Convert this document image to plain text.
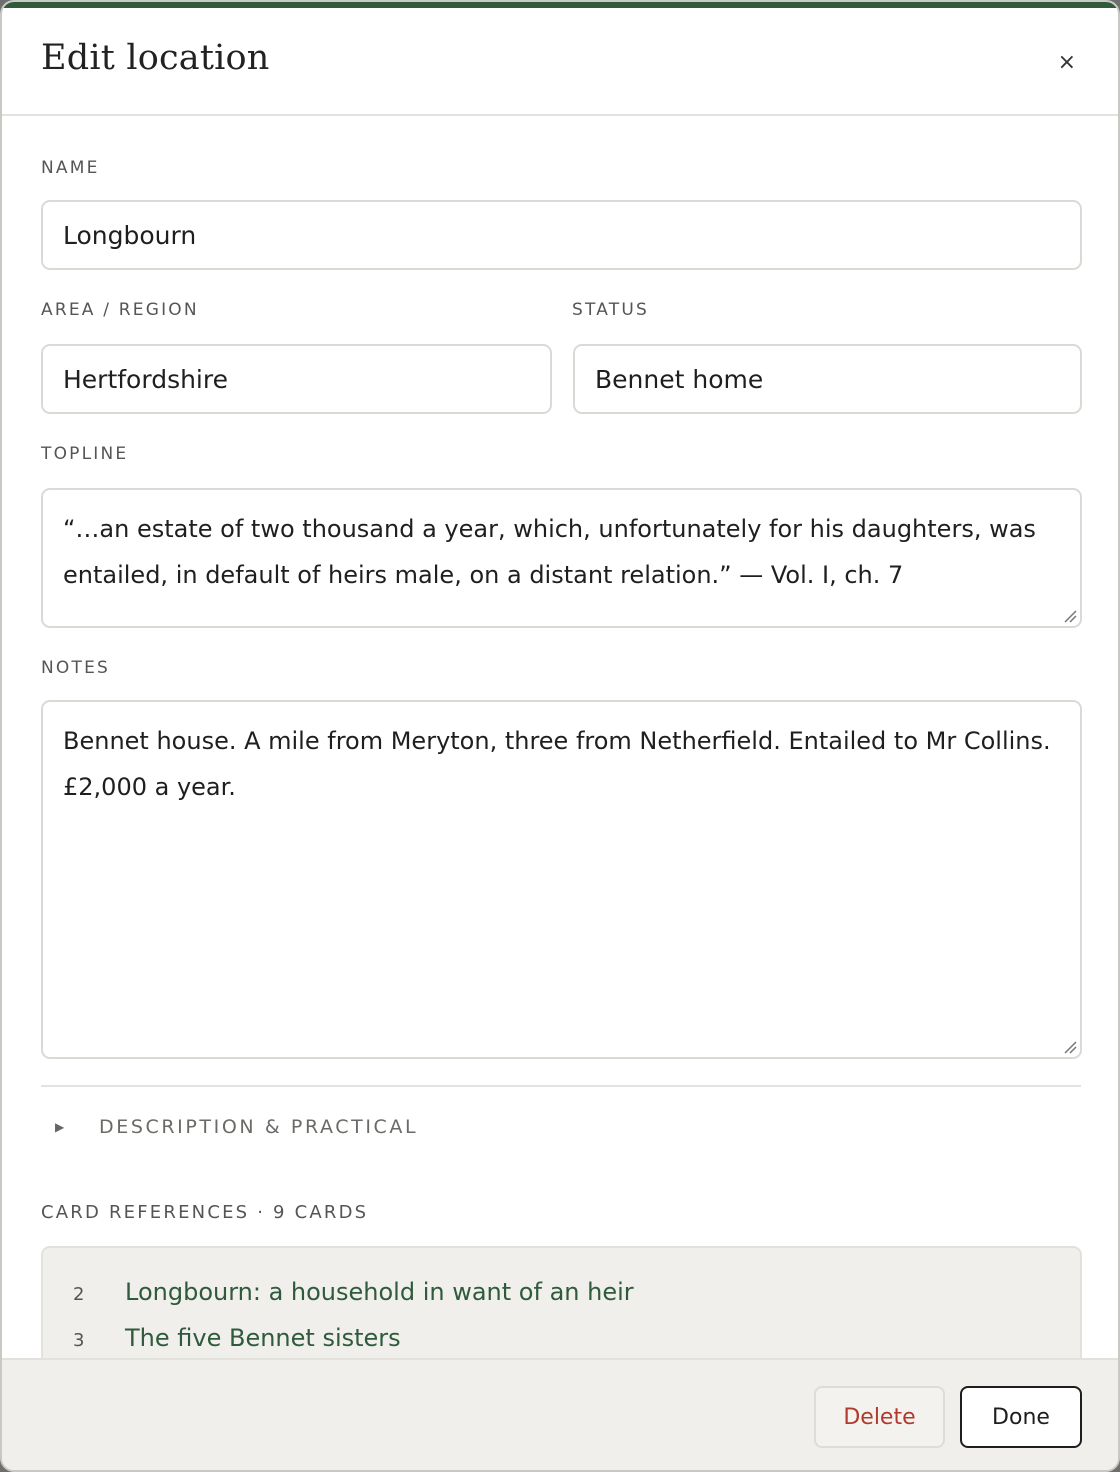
Edit location	×
NAME
Longbourn
AREA / REGION
Hertfordshire
STATUS
Bennet home
TOPLINE
“…an estate of two thousand a year, which, unfortunately for his daughters, was entailed, in default of heirs male, on a distant relation.” — Vol. I, ch. 7
NOTES
Bennet house. A mile from Meryton, three from Netherfield. Entailed to Mr Collins. £2,000 a year.
▶	DESCRIPTION & PRACTICAL
CARD REFERENCES · 9 CARDS
2	Longbourn: a household in want of an heir
3	The five Bennet sisters
Delete	Done
